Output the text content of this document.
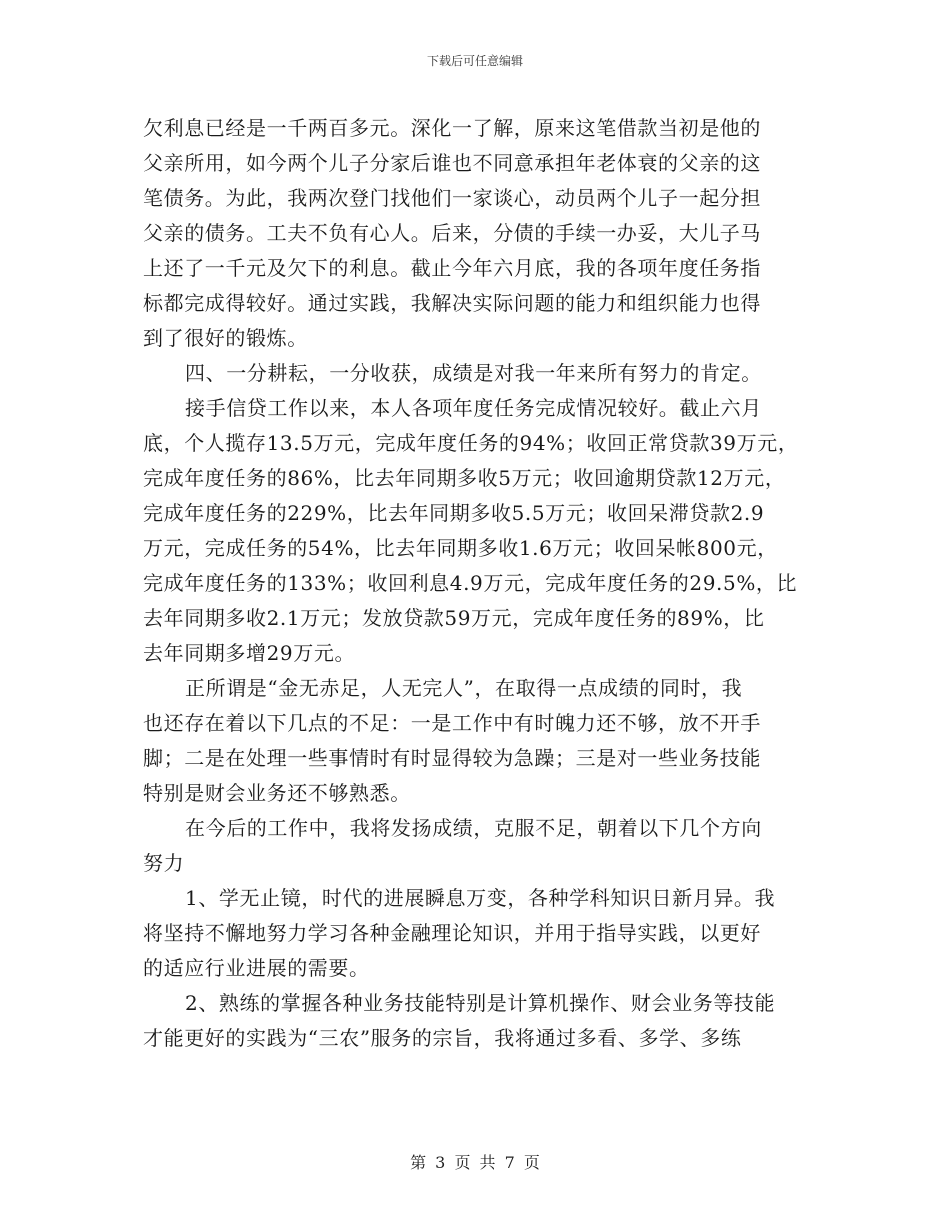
下载后可任意编辑
欠利息已经是一千两百多元。深化一了解，原来这笔借款当初是他的
父亲所用，如今两个儿子分家后谁也不同意承担年老体衰的父亲的这
笔债务。为此，我两次登门找他们一家谈心，动员两个儿子一起分担
父亲的债务。工夫不负有心人。后来，分债的手续一办妥，大儿子马
上还了一千元及欠下的利息。截止今年六月底，我的各项年度任务指
标都完成得较好。通过实践，我解决实际问题的能力和组织能力也得
到了很好的锻炼。
四、一分耕耘，一分收获，成绩是对我一年来所有努力的肯定。
接手信贷工作以来，本人各项年度任务完成情况较好。截止六月
底，个人揽存13.5万元，完成年度任务的94%；收回正常贷款39万元，
完成年度任务的86%，比去年同期多收5万元；收回逾期贷款12万元，
完成年度任务的229%，比去年同期多收5.5万元；收回呆滞贷款2.9
万元，完成任务的54%，比去年同期多收1.6万元；收回呆帐800元，
完成年度任务的133%；收回利息4.9万元，完成年度任务的29.5%，比
去年同期多收2.1万元；发放贷款59万元，完成年度任务的89%，比
去年同期多增29万元。
正所谓是“金无赤足，人无完人”，在取得一点成绩的同时，我
也还存在着以下几点的不足：一是工作中有时魄力还不够，放不开手
脚；二是在处理一些事情时有时显得较为急躁；三是对一些业务技能
特别是财会业务还不够熟悉。
在今后的工作中，我将发扬成绩，克服不足，朝着以下几个方向
努力
1、学无止镜，时代的进展瞬息万变，各种学科知识日新月异。我
将坚持不懈地努力学习各种金融理论知识，并用于指导实践，以更好
的适应行业进展的需要。
2、熟练的掌握各种业务技能特别是计算机操作、财会业务等技能
才能更好的实践为“三农”服务的宗旨，我将通过多看、多学、多练
第 3 页 共 7 页
